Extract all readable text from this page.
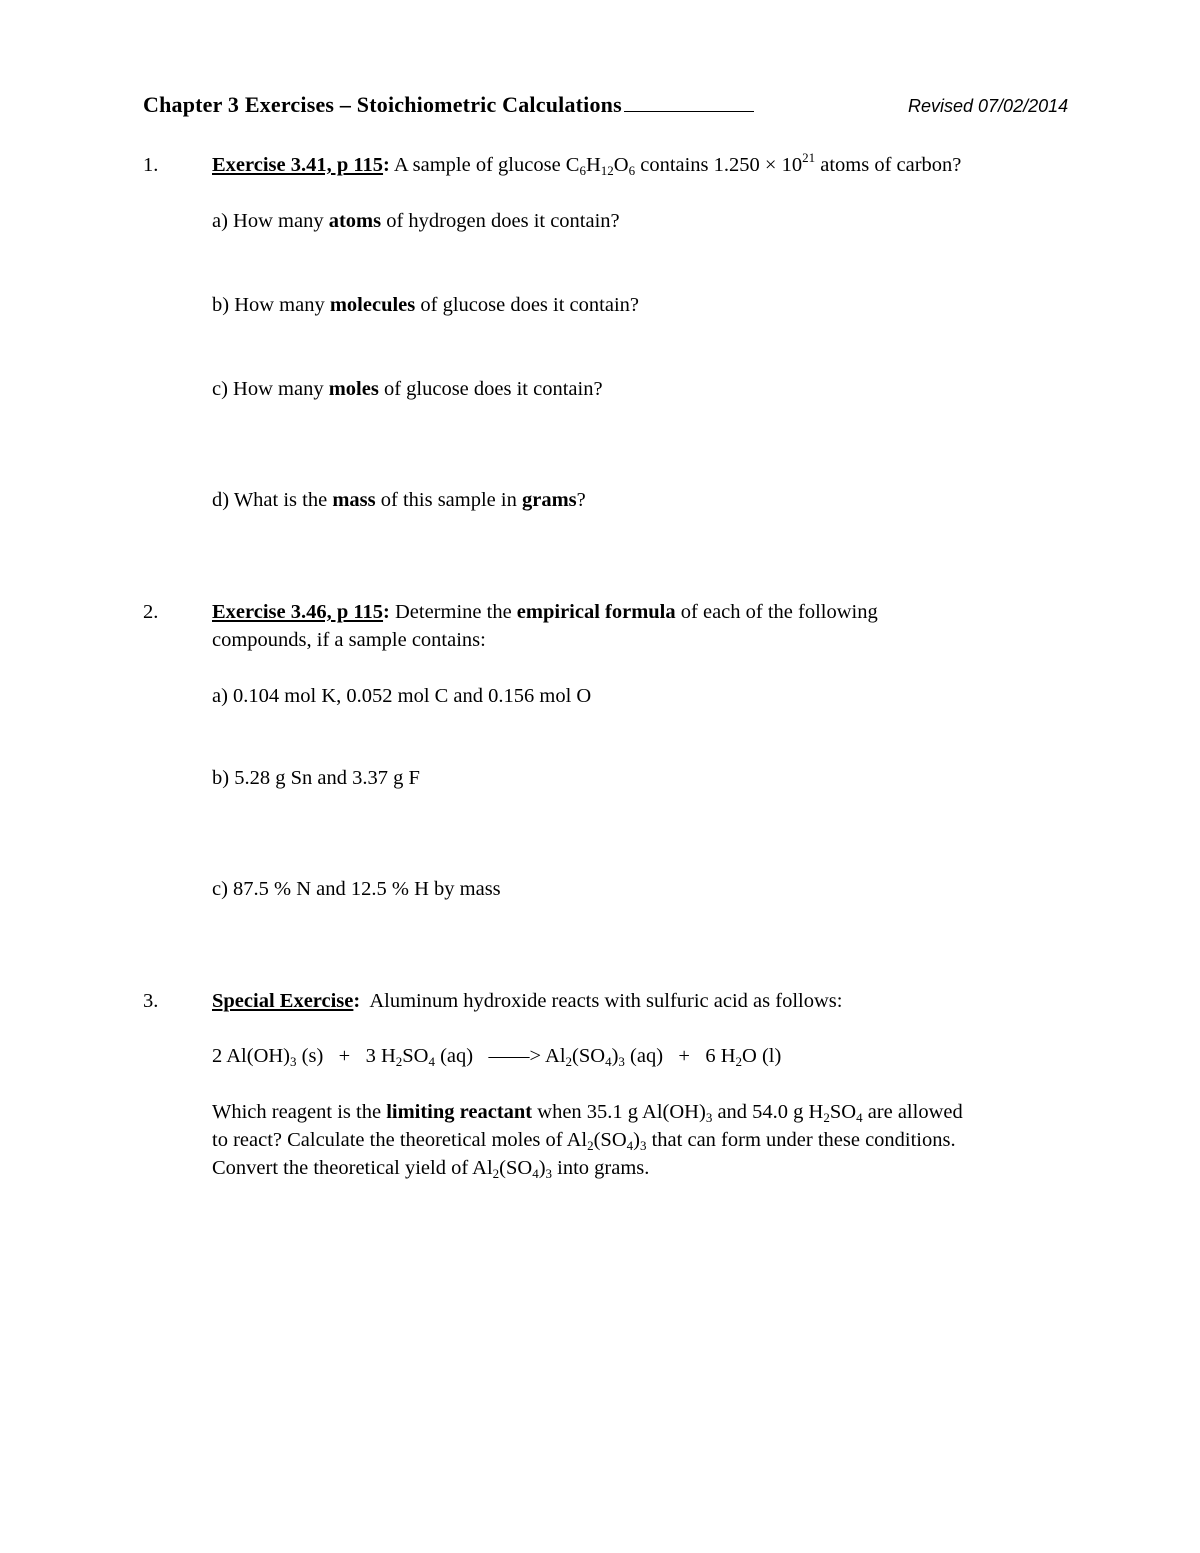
Chapter 3 Exercises – Stoichiometric Calculations	Revised 07/02/2014
1.	Exercise 3.41, p 115: A sample of glucose $C_6H_{12}O_6$ contains $1.250 \times 10^{21}$ atoms of carbon?
a) How many atoms of hydrogen does it contain?
b) How many molecules of glucose does it contain?
c) How many moles of glucose does it contain?
d) What is the mass of this sample in grams?
2.	Exercise 3.46, p 115: Determine the empirical formula of each of the following
compounds, if a sample contains:
a) 0.104 mol K, 0.052 mol C and 0.156 mol O
b) 5.28 g Sn and 3.37 g F
c) 87.5 % N and 12.5 % H by mass
3.	Special Exercise:  Aluminum hydroxide reacts with sulfuric acid as follows:
2 $Al(OH)_3$ (s)   +   3 $H_2SO_4$ (aq)   ——> $Al_2(SO_4)_3$ (aq)   +   6 $H_2O$ (l)
Which reagent is the limiting reactant when 35.1 g $Al(OH)_3$ and 54.0 g $H_2SO_4$ are allowed
to react? Calculate the theoretical moles of $Al_2(SO_4)_3$ that can form under these conditions.
Convert the theoretical yield of $Al_2(SO_4)_3$ into grams.
